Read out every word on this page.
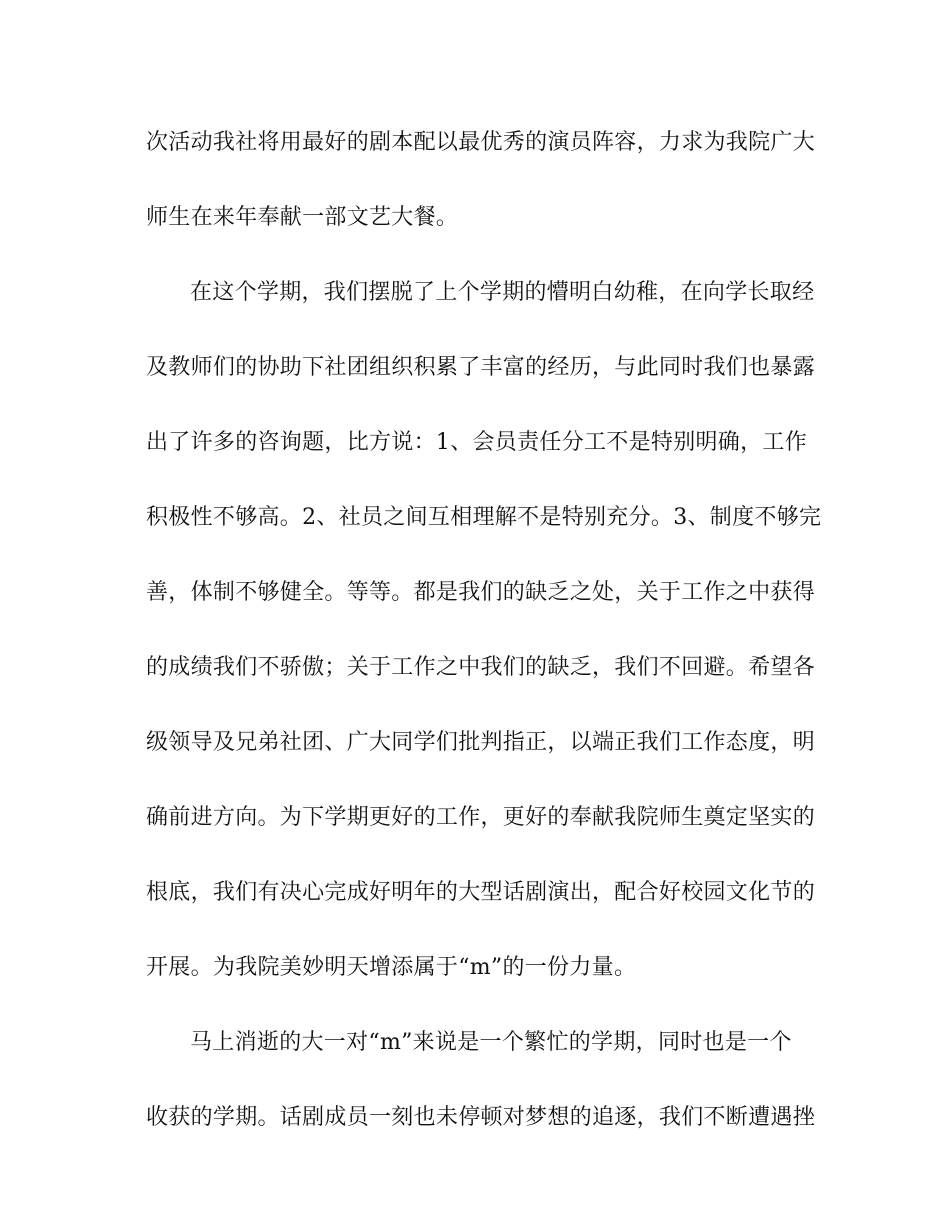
次活动我社将用最好的剧本配以最优秀的演员阵容，力求为我院广大
师生在来年奉献一部文艺大餐。
在这个学期，我们摆脱了上个学期的懵明白幼稚，在向学长取经
及教师们的协助下社团组织积累了丰富的经历，与此同时我们也暴露
出了许多的咨询题，比方说：1、会员责任分工不是特别明确，工作
积极性不够高。2、社员之间互相理解不是特别充分。3、制度不够完
善，体制不够健全。等等。都是我们的缺乏之处，关于工作之中获得
的成绩我们不骄傲；关于工作之中我们的缺乏，我们不回避。希望各
级领导及兄弟社团、广大同学们批判指正，以端正我们工作态度，明
确前进方向。为下学期更好的工作，更好的奉献我院师生奠定坚实的
根底，我们有决心完成好明年的大型话剧演出，配合好校园文化节的
开展。为我院美妙明天增添属于“m”的一份力量。
马上消逝的大一对“m”来说是一个繁忙的学期，同时也是一个
收获的学期。话剧成员一刻也未停顿对梦想的追逐，我们不断遭遇挫
